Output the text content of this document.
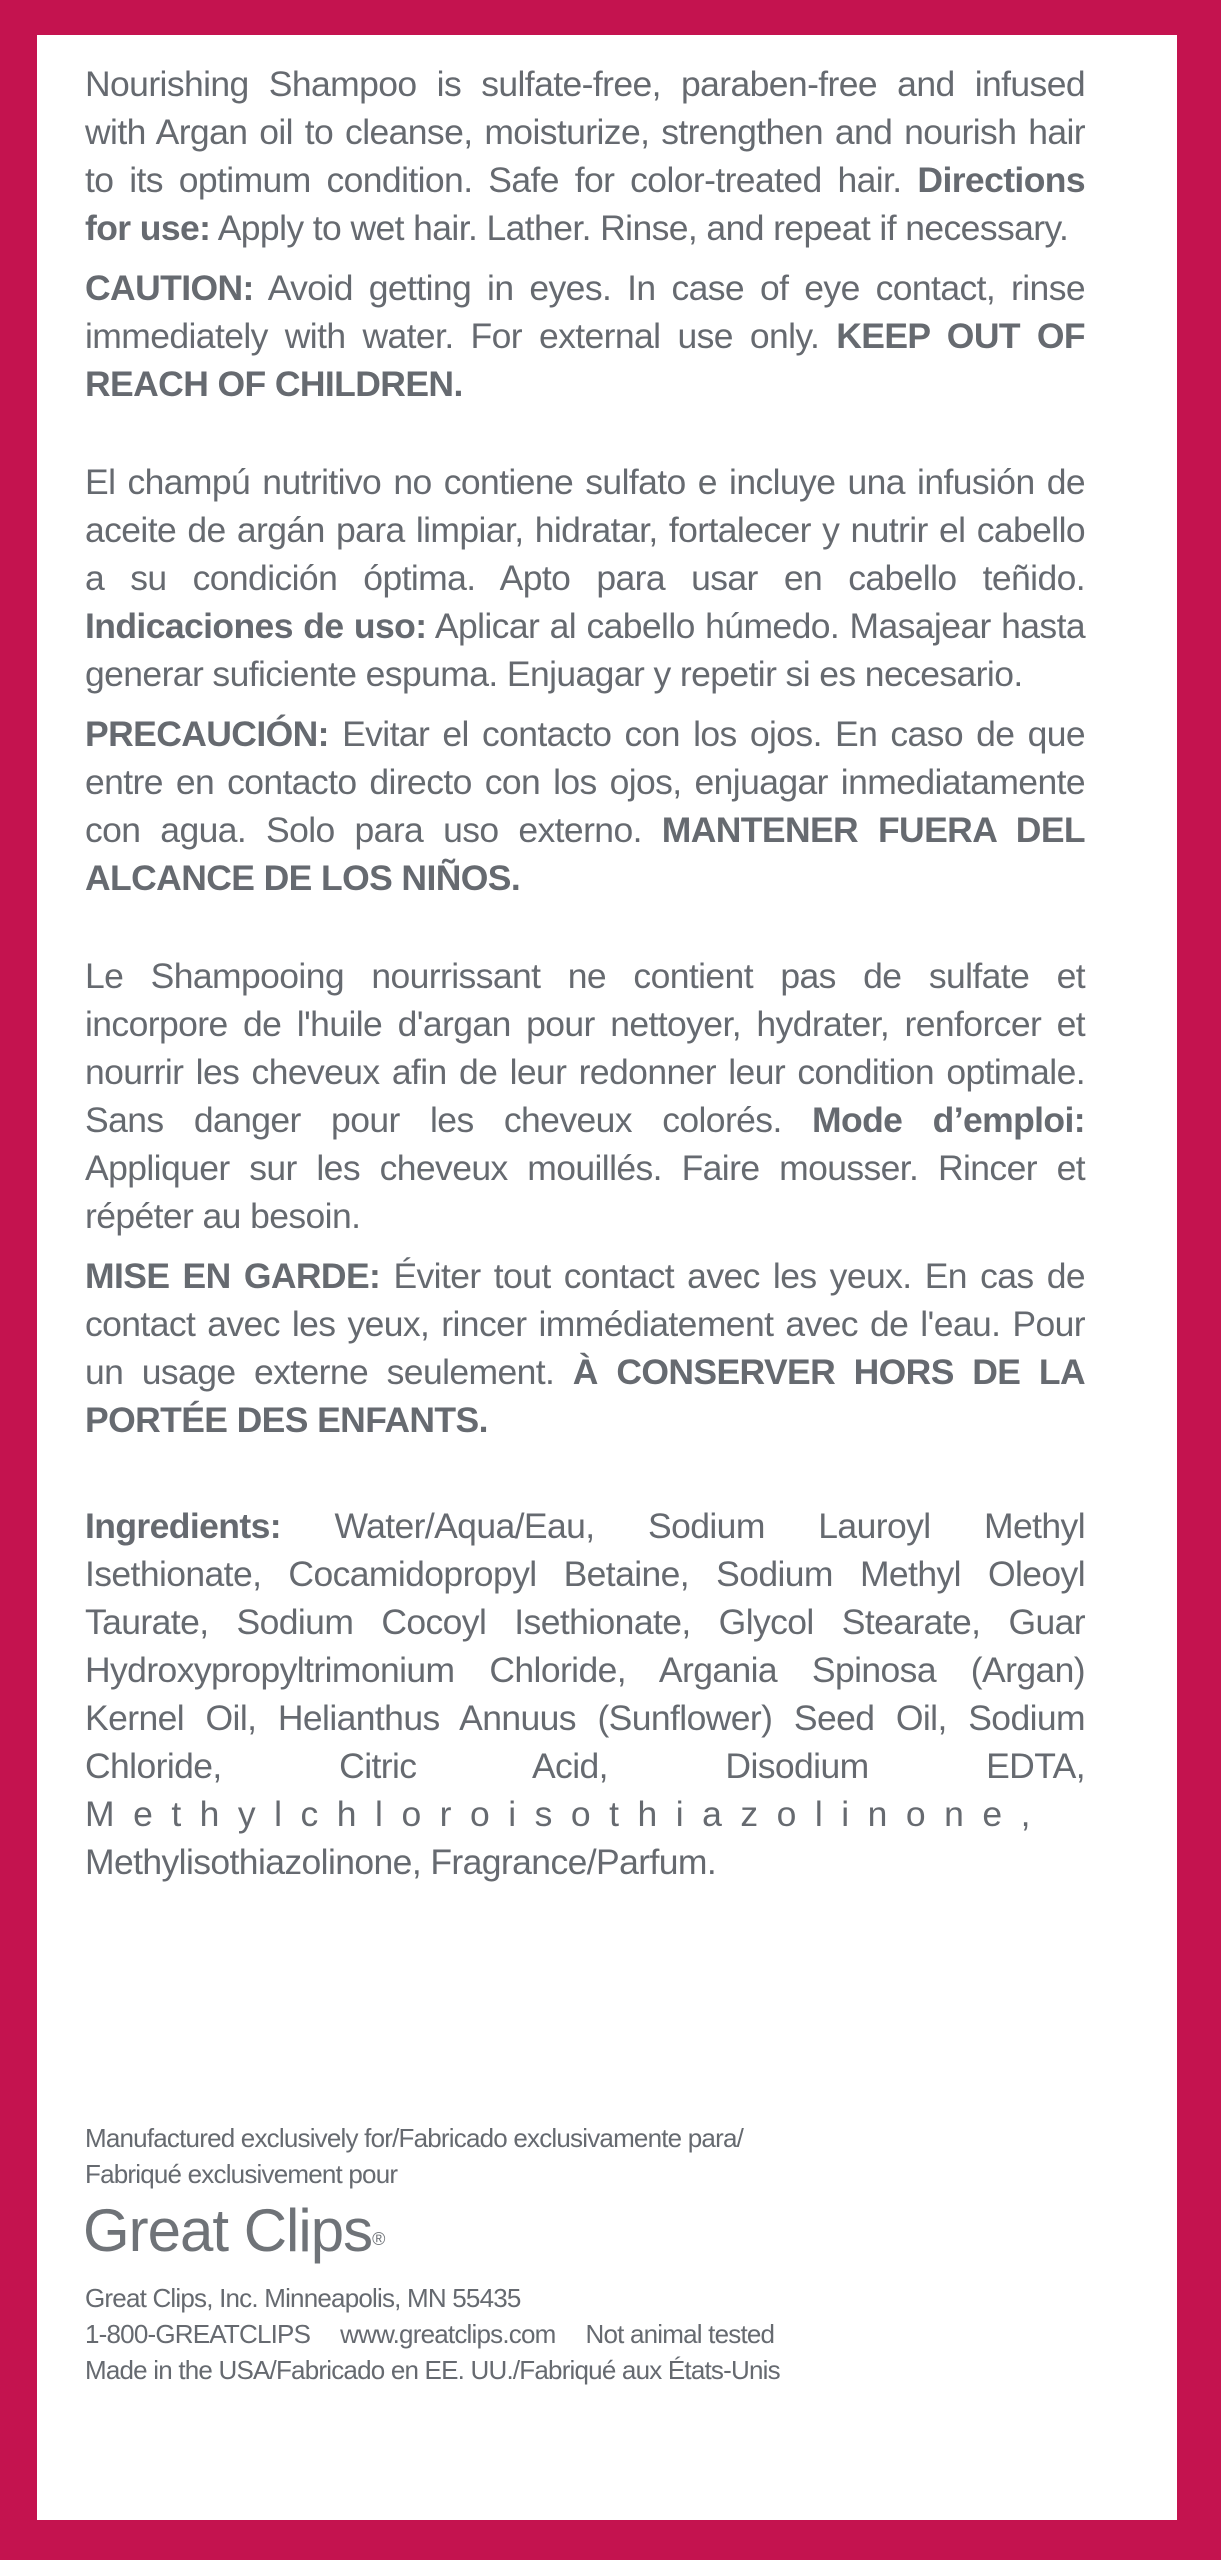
Nourishing Shampoo is sulfate-free, paraben-free and infused with Argan oil to cleanse, moisturize, strengthen and nourish hair to its optimum condition. Safe for color-treated hair. Directions for use: Apply to wet hair. Lather. Rinse, and repeat if necessary.

CAUTION: Avoid getting in eyes. In case of eye contact, rinse immediately with water. For external use only. KEEP OUT OF REACH OF CHILDREN.

El champú nutritivo no contiene sulfato e incluye una infusión de aceite de argán para limpiar, hidratar, fortalecer y nutrir el cabello a su condición óptima. Apto para usar en cabello teñido. Indicaciones de uso: Aplicar al cabello húmedo. Masajear hasta generar suficiente espuma. Enjuagar y repetir si es necesario.

PRECAUCIÓN: Evitar el contacto con los ojos. En caso de que entre en contacto directo con los ojos, enjuagar inmediatamente con agua. Solo para uso externo. MANTENER FUERA DEL ALCANCE DE LOS NIÑOS.

Le Shampooing nourrissant ne contient pas de sulfate et incorpore de l'huile d'argan pour nettoyer, hydrater, renforcer et nourrir les cheveux afin de leur redonner leur condition optimale. Sans danger pour les cheveux colorés. Mode d’emploi: Appliquer sur les cheveux mouillés. Faire mousser. Rincer et répéter au besoin.

MISE EN GARDE: Éviter tout contact avec les yeux. En cas de contact avec les yeux, rincer immédiatement avec de l'eau. Pour un usage externe seulement. À CONSERVER HORS DE LA PORTÉE DES ENFANTS.

Ingredients: Water/Aqua/Eau, Sodium Lauroyl Methyl Isethionate, Cocamidopropyl Betaine, Sodium Methyl Oleoyl Taurate, Sodium Cocoyl Isethionate, Glycol Stearate, Guar Hydroxypropyltrimonium Chloride, Argania Spinosa (Argan) Kernel Oil, Helianthus Annuus (Sunflower) Seed Oil, Sodium Chloride, Citric Acid, Disodium EDTA, Methylchloroisothiazolinone, Methylisothiazolinone, Fragrance/Parfum.

Manufactured exclusively for/Fabricado exclusivamente para/

Fabriqué exclusivement pour

Great Clips®

Great Clips, Inc. Minneapolis, MN 55435

1-800-GREATCLIPS www.greatclips.com Not animal tested

Made in the USA/Fabricado en EE. UU./Fabriqué aux États-Unis
